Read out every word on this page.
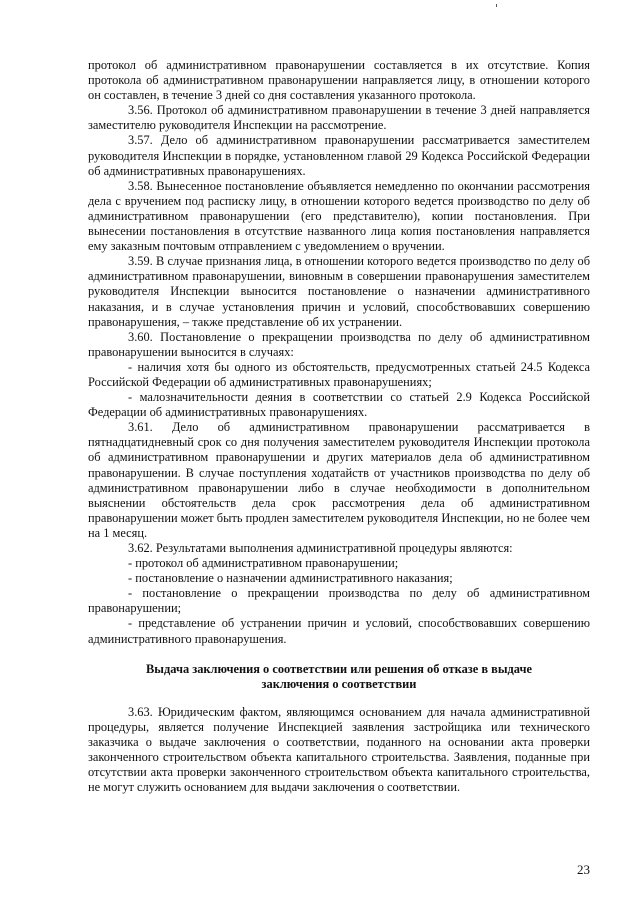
протокол об административном правонарушении составляется в их отсутствие. Копия протокола об административном правонарушении направляется лицу, в отношении которого он составлен, в течение 3 дней со дня составления указанного протокола.

3.56. Протокол об административном правонарушении в течение 3 дней направляется заместителю руководителя Инспекции на рассмотрение.

3.57. Дело об административном правонарушении рассматривается заместителем руководителя Инспекции в порядке, установленном главой 29 Кодекса Российской Федерации об административных правонарушениях.

3.58. Вынесенное постановление объявляется немедленно по окончании рассмотрения дела с вручением под расписку лицу, в отношении которого ведется производство по делу об административном правонарушении (его представителю), копии постановления. При вынесении постановления в отсутствие названного лица копия постановления направляется ему заказным почтовым отправлением с уведомлением о вручении.

3.59. В случае признания лица, в отношении которого ведется производство по делу об административном правонарушении, виновным в совершении правонарушения заместителем руководителя Инспекции выносится постановление о назначении административного наказания, и в случае установления причин и условий, способствовавших совершению правонарушения, – также представление об их устранении.

3.60. Постановление о прекращении производства по делу об административном правонарушении выносится в случаях:

- наличия хотя бы одного из обстоятельств, предусмотренных статьей 24.5 Кодекса Российской Федерации об административных правонарушениях;

- малозначительности деяния в соответствии со статьей 2.9 Кодекса Российской Федерации об административных правонарушениях.

3.61. Дело об административном правонарушении рассматривается в пятнадцатидневный срок со дня получения заместителем руководителя Инспекции протокола об административном правонарушении и других материалов дела об административном правонарушении. В случае поступления ходатайств от участников производства по делу об административном правонарушении либо в случае необходимости в дополнительном выяснении обстоятельств дела срок рассмотрения дела об административном правонарушении может быть продлен заместителем руководителя Инспекции, но не более чем на 1 месяц.

3.62. Результатами выполнения административной процедуры являются:

- протокол об административном правонарушении;

- постановление о назначении административного наказания;

- постановление о прекращении производства по делу об административном правонарушении;

- представление об устранении причин и условий, способствовавших совершению административного правонарушения.

Выдача заключения о соответствии или решения об отказе в выдаче
заключения о соответствии

3.63. Юридическим фактом, являющимся основанием для начала административной процедуры, является получение Инспекцией заявления застройщика или технического заказчика о выдаче заключения о соответствии, поданного на основании акта проверки законченного строительством объекта капитального строительства. Заявления, поданные при отсутствии акта проверки законченного строительством объекта капитального строительства, не могут служить основанием для выдачи заключения о соответствии.

23
